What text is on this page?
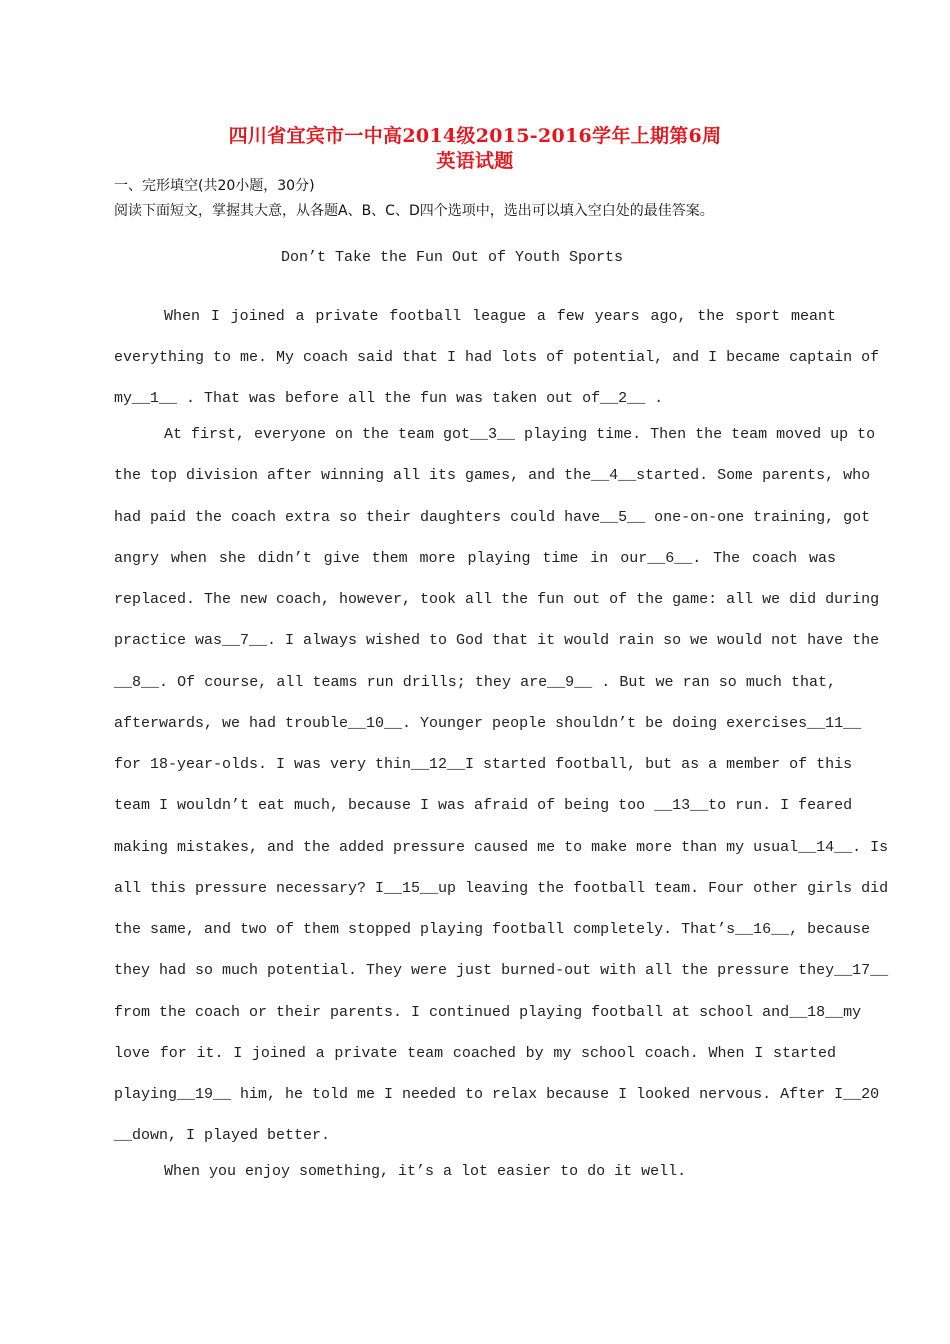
四川省宜宾市一中高2014级2015-2016学年上期第6周
英语试题
一、完形填空(共20小题，30分)
阅读下面短文，掌握其大意，从各题A、B、C、D四个选项中，选出可以填入空白处的最佳答案。
Don’t Take the Fun Out of Youth Sports
When I joined a private football league a few years ago, the sport meant
everything to me. My coach said that I had lots of potential, and I became captain of
my__1__ . That was before all the fun was taken out of__2__ .
At first, everyone on the team got__3__ playing time. Then the team moved up to
the top division after winning all its games, and the__4__started. Some parents, who
had paid the coach extra so their daughters could have__5__ one-on-one training, got
angry when she didn’t give them more playing time in our__6__. The coach was
replaced. The new coach, however, took all the fun out of the game: all we did during
practice was__7__. I always wished to God that it would rain so we would not have the
__8__. Of course, all teams run drills; they are__9__ . But we ran so much that,
afterwards, we had trouble__10__. Younger people shouldn’t be doing exercises__11__
for 18-year-olds. I was very thin__12__I started football, but as a member of this
team I wouldn’t eat much, because I was afraid of being too __13__to run. I feared
making mistakes, and the added pressure caused me to make more than my usual__14__. Is
all this pressure necessary? I__15__up leaving the football team. Four other girls did
the same, and two of them stopped playing football completely. That’s__16__, because
they had so much potential. They were just burned-out with all the pressure they__17__
from the coach or their parents. I continued playing football at school and__18__my
love for it. I joined a private team coached by my school coach. When I started
playing__19__ him, he told me I needed to relax because I looked nervous. After I__20
__down, I played better.
When you enjoy something, it’s a lot easier to do it well.
